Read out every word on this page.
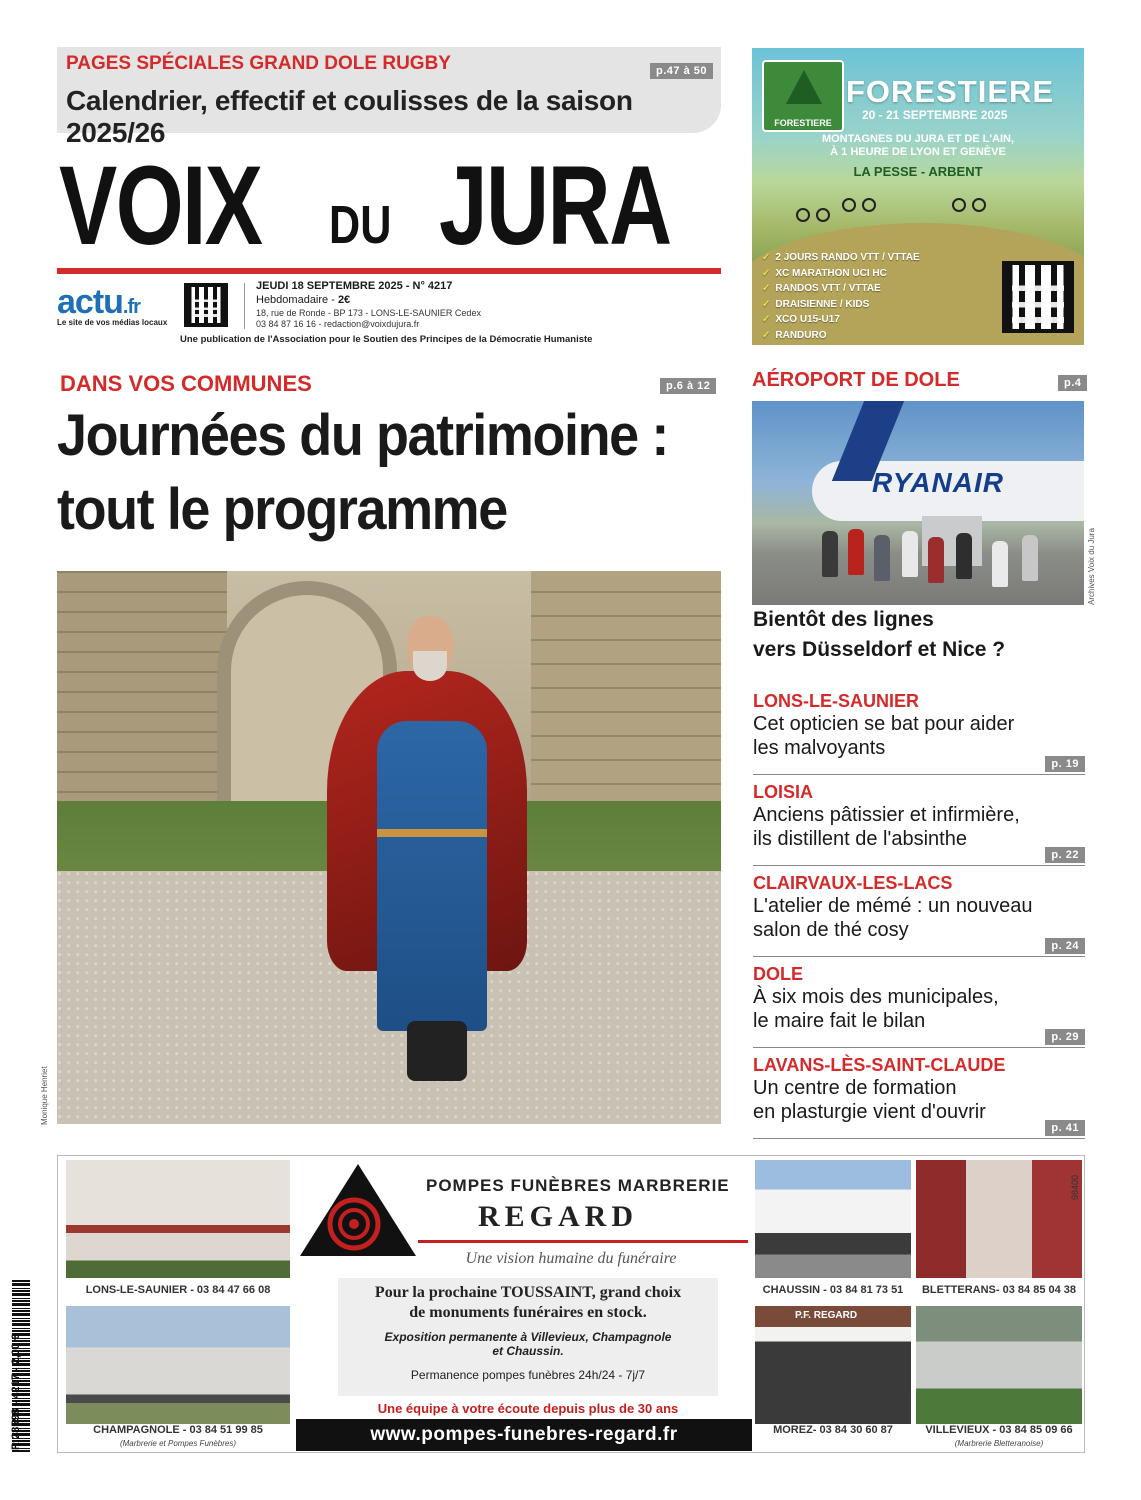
PAGES SPÉCIALES GRAND DOLE RUGBY	p.47 à 50
Calendrier, effectif et coulisses de la saison 2025/26
VOIX DU JURA
actu.fr
Le site de vos médias locaux
JEUDI 18 SEPTEMBRE 2025 - N° 4217
Hebdomadaire - 2€
18, rue de Ronde - BP 173 - LONS-LE-SAUNIER Cedex
03 84 87 16 16 - redaction@voixdujura.fr
Une publication de l'Association pour le Soutien des Principes de la Démocratie Humaniste
FORESTIERE
FORESTIERE
20 - 21 SEPTEMBRE 2025
MONTAGNES DU JURA ET DE L'AIN,
À 1 HEURE DE LYON ET GENÈVE
LA PESSE - ARBENT
✓ 2 JOURS RANDO VTT / VTTAE
✓ XC MARATHON UCI HC
✓ RANDOS VTT / VTTAE
✓ DRAISIENNE / KIDS
✓ XCO U15-U17
✓ RANDURO
DANS VOS COMMUNES	p.6 à 12
Journées du patrimoine :
tout le programme
Monique Henriet
AÉROPORT DE DOLE	p.4
RYANAIR
Archives Voix du Jura
Bientôt des lignes
vers Düsseldorf et Nice ?
LONS-LE-SAUNIER
Cet opticien se bat pour aider
les malvoyants
p. 19
LOISIA
Anciens pâtissier et infirmière,
ils distillent de l'absinthe
p. 22
CLAIRVAUX-LES-LACS
L'atelier de mémé : un nouveau
salon de thé cosy
p. 24
DOLE
À six mois des municipales,
le maire fait le bilan
p. 29
LAVANS-LÈS-SAINT-CLAUDE
Un centre de formation
en plasturgie vient d'ouvrir
p. 41
LONS-LE-SAUNIER - 03 84 47 66 08
CHAMPAGNOLE - 03 84 51 99 85
(Marbrerie et Pompes Funèbres)
POMPES FUNÈBRES MARBRERIE
REGARD
Une vision humaine du funéraire
Pour la prochaine TOUSSAINT, grand choix
de monuments funéraires en stock.
Exposition permanente à Villevieux, Champagnole
et Chaussin.
Permanence pompes funèbres 24h/24 - 7j/7
Une équipe à votre écoute depuis plus de 30 ans
www.pompes-funebres-regard.fr
CHAUSSIN - 03 84 81 73 51	BLETTERANS- 03 84 85 04 38
P.F. REGARD
MOREZ- 03 84 30 60 87	VILLEVIEUX - 03 84 85 09 66
(Marbrerie Bletteranoise)
98400
R 28598 - 4217 - 2,00 €
